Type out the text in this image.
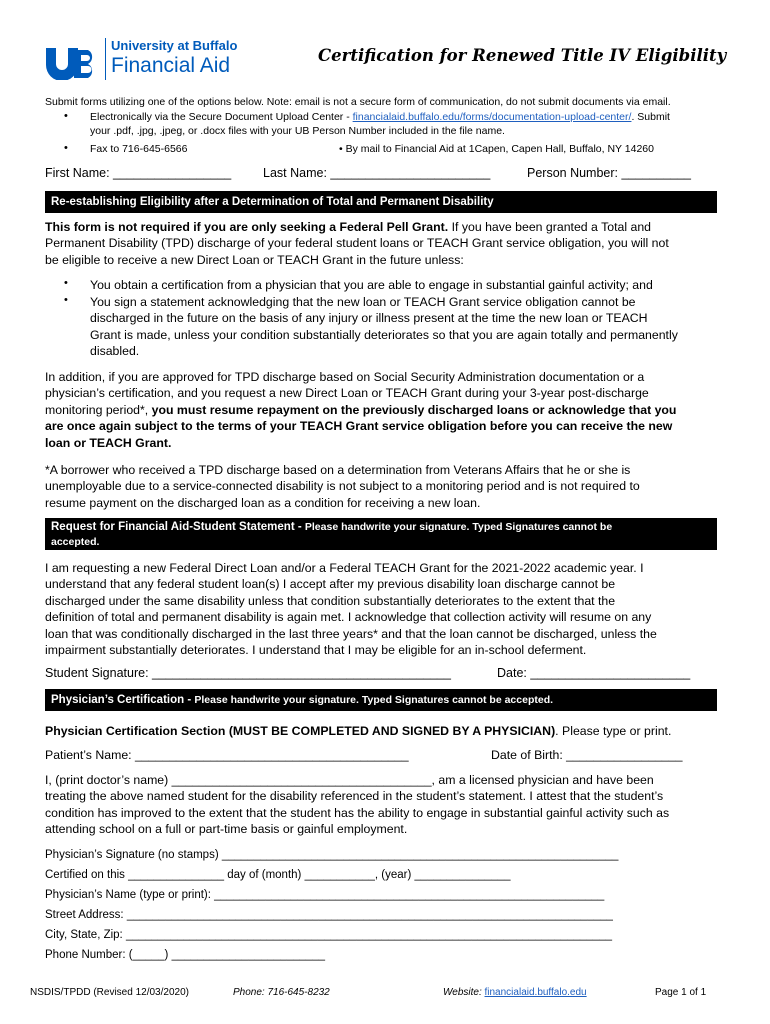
University at Buffalo
Financial Aid	Certification for Renewed Title IV Eligibility
Submit forms utilizing one of the options below. Note: email is not a secure form of communication, do not submit documents via email.
• Electronically via the Secure Document Upload Center - financialaid.buffalo.edu/forms/documentation-upload-center/. Submit
your .pdf, .jpg, .jpeg, or .docx files with your UB Person Number included in the file name.
• Fax to 716-645-6566	• By mail to Financial Aid at 1Capen, Capen Hall, Buffalo, NY 14260
First Name: _________________	Last Name: _______________________	Person Number: __________
Re-establishing Eligibility after a Determination of Total and Permanent Disability
This form is not required if you are only seeking a Federal Pell Grant. If you have been granted a Total and
Permanent Disability (TPD) discharge of your federal student loans or TEACH Grant service obligation, you will not
be eligible to receive a new Direct Loan or TEACH Grant in the future unless:
• You obtain a certification from a physician that you are able to engage in substantial gainful activity; and
• You sign a statement acknowledging that the new loan or TEACH Grant service obligation cannot be
discharged in the future on the basis of any injury or illness present at the time the new loan or TEACH
Grant is made, unless your condition substantially deteriorates so that you are again totally and permanently
disabled.
In addition, if you are approved for TPD discharge based on Social Security Administration documentation or a
physician’s certification, and you request a new Direct Loan or TEACH Grant during your 3-year post-discharge
monitoring period*, you must resume repayment on the previously discharged loans or acknowledge that you
are once again subject to the terms of your TEACH Grant service obligation before you can receive the new
loan or TEACH Grant.
*A borrower who received a TPD discharge based on a determination from Veterans Affairs that he or she is
unemployable due to a service-connected disability is not subject to a monitoring period and is not required to
resume payment on the discharged loan as a condition for receiving a new loan.
Request for Financial Aid-Student Statement - Please handwrite your signature. Typed Signatures cannot be
accepted.
I am requesting a new Federal Direct Loan and/or a Federal TEACH Grant for the 2021-2022 academic year. I
understand that any federal student loan(s) I accept after my previous disability loan discharge cannot be
discharged under the same disability unless that condition substantially deteriorates to the extent that the
definition of total and permanent disability is again met. I acknowledge that collection activity will resume on any
loan that was conditionally discharged in the last three years* and that the loan cannot be discharged, unless the
impairment substantially deteriorates. I understand that I may be eligible for an in-school deferment.
Student Signature: ___________________________________________	Date: _______________________
Physician’s Certification - Please handwrite your signature. Typed Signatures cannot be accepted.
Physician Certification Section (MUST BE COMPLETED AND SIGNED BY A PHYSICIAN). Please type or print.
Patient’s Name: ________________________________________	Date of Birth: _________________
I, (print doctor’s name) ______________________________________, am a licensed physician and have been
treating the above named student for the disability referenced in the student’s statement. I attest that the student’s
condition has improved to the extent that the student has the ability to engage in substantial gainful activity such as
attending school on a full or part-time basis or gainful employment.
Physician’s Signature (no stamps) ______________________________________________________________
Certified on this _______________ day of (month) ___________, (year) _______________
Physician’s Name (type or print): _____________________________________________________________
Street Address: ____________________________________________________________________________
City, State, Zip: ____________________________________________________________________________
Phone Number: (_____) ________________________
NSDIS/TPDD (Revised 12/03/2020)	Phone: 716-645-8232	Website: financialaid.buffalo.edu	Page 1 of 1
